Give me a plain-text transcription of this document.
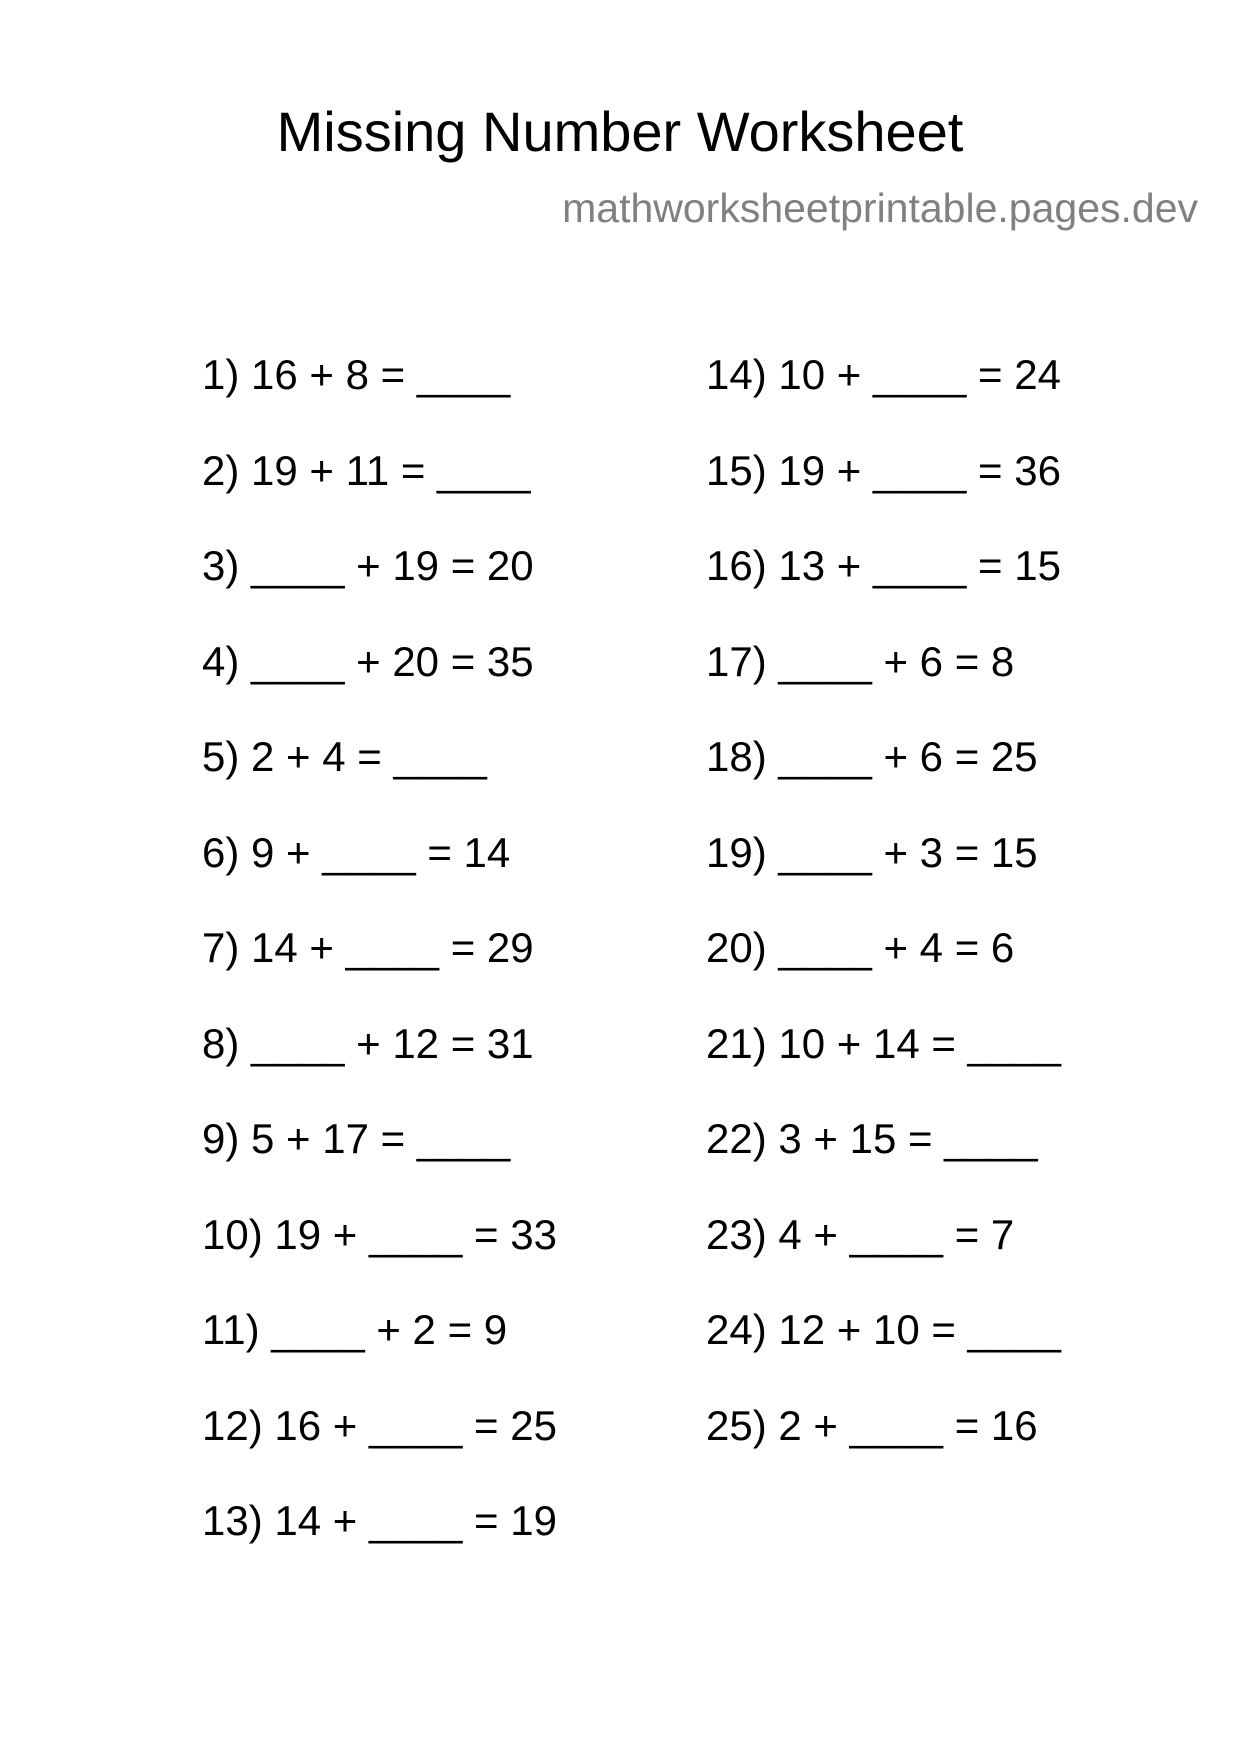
Missing Number Worksheet
mathworksheetprintable.pages.dev
1) 16 + 8 = ____
2) 19 + 11 = ____
3) ____ + 19 = 20
4) ____ + 20 = 35
5) 2 + 4 = ____
6) 9 + ____ = 14
7) 14 + ____ = 29
8) ____ + 12 = 31
9) 5 + 17 = ____
10) 19 + ____ = 33
11) ____ + 2 = 9
12) 16 + ____ = 25
13) 14 + ____ = 19
14) 10 + ____ = 24
15) 19 + ____ = 36
16) 13 + ____ = 15
17) ____ + 6 = 8
18) ____ + 6 = 25
19) ____ + 3 = 15
20) ____ + 4 = 6
21) 10 + 14 = ____
22) 3 + 15 = ____
23) 4 + ____ = 7
24) 12 + 10 = ____
25) 2 + ____ = 16
